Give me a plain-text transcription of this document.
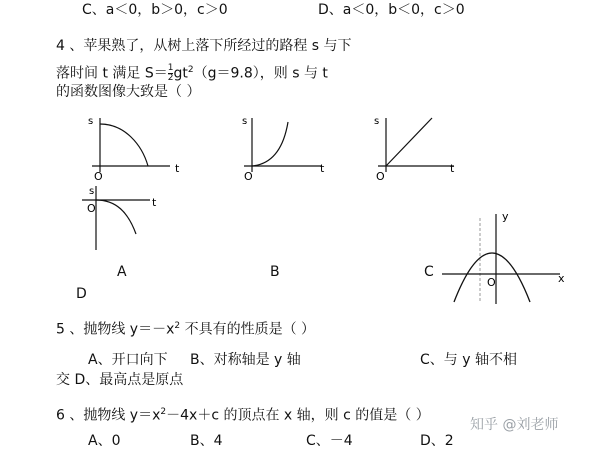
C、a＜0，b＞0，c＞0	D、a＜0，b＜0，c＞0
4 、苹果熟了，从树上落下所经过的路程 s 与下
落时间 t 满足 $S= \frac{1}{2} gt^2(g=9.8)$，则 s 与 t
的函数图像大致是（ ）
s
t
O
s
t
O
s
t
O
s
t
O
y
x
O
A	B	C
D
5 、抛物线 $y=-x^2$ 不具有的性质是（ ）
A、开口向下 B、对称轴是 y 轴	C、与 y 轴不相
交 D、最高点是原点
6 、抛物线 $y=x^2-4x+c$ 的顶点在 x 轴，则 c 的值是（ ）
A、0	B、4	C、－4	D、2
知乎 @刘老师
